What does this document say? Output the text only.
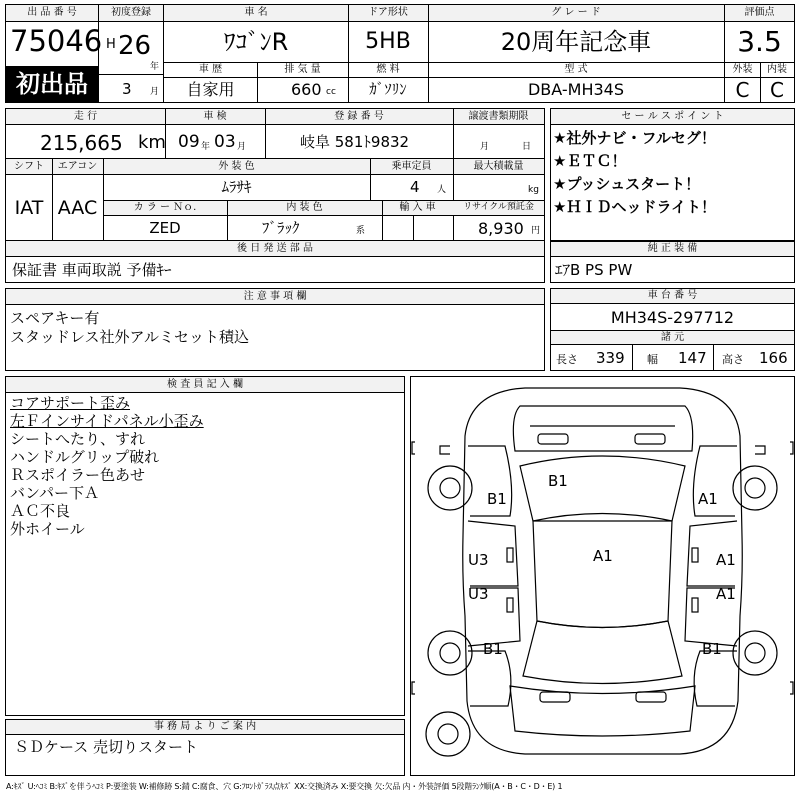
出 品 番 号
75046
初出品
初度登録
H 26
年
3 月
車 名
ﾜｺﾞﾝR
ドア形状
5HB
グ レ ー ド
20周年記念車
評価点
3.5
車 歴
自家用
排 気 量
660 cc
燃 料
ｶﾞｿﾘﾝ
型 式
DBA-MH34S
外装	内装
C	C
走 行
215,665 km
車 検
09 年 03 月
登 録 番 号
岐阜 581ﾄ9832
譲渡書類期限
月	日
シフト
IAT
エアコン
AAC
外 装 色
ﾑﾗｻｷ
乗車定員
4 人
最大積載量
kg
カ ラ ー Ｎｏ.
ZED
内 装 色
ﾌﾞﾗｯｸ	系
輸 入 車	リサイクル預託金
8,930 円
後 日 発 送 部 品
保証書 車両取説 予備ｷｰ
セ ー ル ス ポ イ ン ト
★社外ナビ・フルセグ！
★ＥＴＣ！
★プッシュスタート！
★ＨＩＤヘッドライト！
純 正 装 備
ｴｱB PS PW
注 意 事 項 欄
スペアキー有
スタッドレス社外アルミセット積込
車 台 番 号
MH34S-297712
諸 元
長さ 339 幅 147 高さ 166
検 査 員 記 入 欄
コアサポート歪み
左Ｆインサイドパネル小歪み
シートへたり、すれ
ハンドルグリップ破れ
Ｒスポイラー色あせ
バンパー下Ａ
ＡＣ不良
外ホイール
事 務 局 よ り ご 案 内
ＳＤケース 売切りスタート
B1
B1	A1
U3	A1	A1
U3	A1
B1	B1
A:ｷｽﾞ U:ﾍｺﾐ B:ｷｽﾞを伴うﾍｺﾐ P:要塗装 W:補修跡 S:錆 C:腐食、穴 G:ﾌﾛﾝﾄｶﾞﾗｽ点ｷｽﾞ XX:交換済み X:要交換 欠:欠品 内・外装評価 5段階ﾗﾝｸ順(A・B・C・D・E) 1
